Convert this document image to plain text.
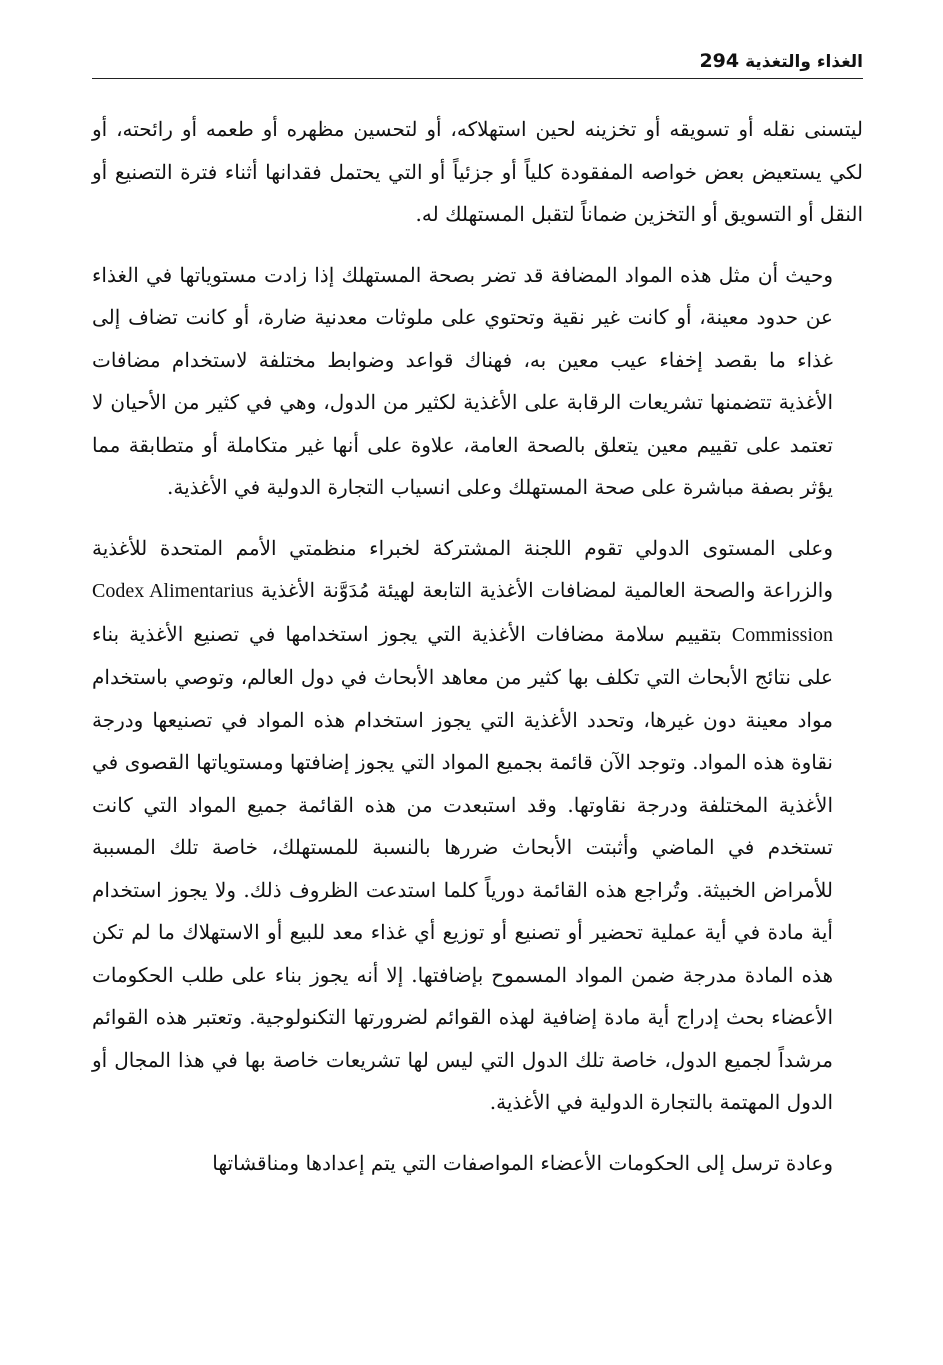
294 الغذاء والتغذية

ليتسنى نقله أو تسويقه أو تخزينه لحين استهلاكه، أو لتحسين مظهره أو طعمه أو رائحته، أو لكي يستعيض بعض خواصه المفقودة كلياً أو جزئياً أو التي يحتمل فقدانها أثناء فترة التصنيع أو النقل أو التسويق أو التخزين ضماناً لتقبل المستهلك له.

وحيث أن مثل هذه المواد المضافة قد تضر بصحة المستهلك إذا زادت مستوياتها في الغذاء عن حدود معينة، أو كانت غير نقية وتحتوي على ملوثات معدنية ضارة، أو كانت تضاف إلى غذاء ما بقصد إخفاء عيب معين به، فهناك قواعد وضوابط مختلفة لاستخدام مضافات الأغذية تتضمنها تشريعات الرقابة على الأغذية لكثير من الدول، وهي في كثير من الأحيان لا تعتمد على تقييم معين يتعلق بالصحة العامة، علاوة على أنها غير متكاملة أو متطابقة مما يؤثر بصفة مباشرة على صحة المستهلك وعلى انسياب التجارة الدولية في الأغذية.

وعلى المستوى الدولي تقوم اللجنة المشتركة لخبراء منظمتي الأمم المتحدة للأغذية والزراعة والصحة العالمية لمضافات الأغذية التابعة لهيئة مُدَوَّنة الأغذية Codex Alimentarius Commission بتقييم سلامة مضافات الأغذية التي يجوز استخدامها في تصنيع الأغذية بناء على نتائج الأبحاث التي تكلف بها كثير من معاهد الأبحاث في دول العالم، وتوصي باستخدام مواد معينة دون غيرها، وتحدد الأغذية التي يجوز استخدام هذه المواد في تصنيعها ودرجة نقاوة هذه المواد. وتوجد الآن قائمة بجميع المواد التي يجوز إضافتها ومستوياتها القصوى في الأغذية المختلفة ودرجة نقاوتها. وقد استبعدت من هذه القائمة جميع المواد التي كانت تستخدم في الماضي وأثبتت الأبحاث ضررها بالنسبة للمستهلك، خاصة تلك المسببة للأمراض الخبيثة. وتُراجع هذه القائمة دورياً كلما استدعت الظروف ذلك. ولا يجوز استخدام أية مادة في أية عملية تحضير أو تصنيع أو توزيع أي غذاء معد للبيع أو الاستهلاك ما لم تكن هذه المادة مدرجة ضمن المواد المسموح بإضافتها. إلا أنه يجوز بناء على طلب الحكومات الأعضاء بحث إدراج أية مادة إضافية لهذه القوائم لضرورتها التكنولوجية. وتعتبر هذه القوائم مرشداً لجميع الدول، خاصة تلك الدول التي ليس لها تشريعات خاصة بها في هذا المجال أو الدول المهتمة بالتجارة الدولية في الأغذية.

وعادة ترسل إلى الحكومات الأعضاء المواصفات التي يتم إعدادها ومناقشاتها
